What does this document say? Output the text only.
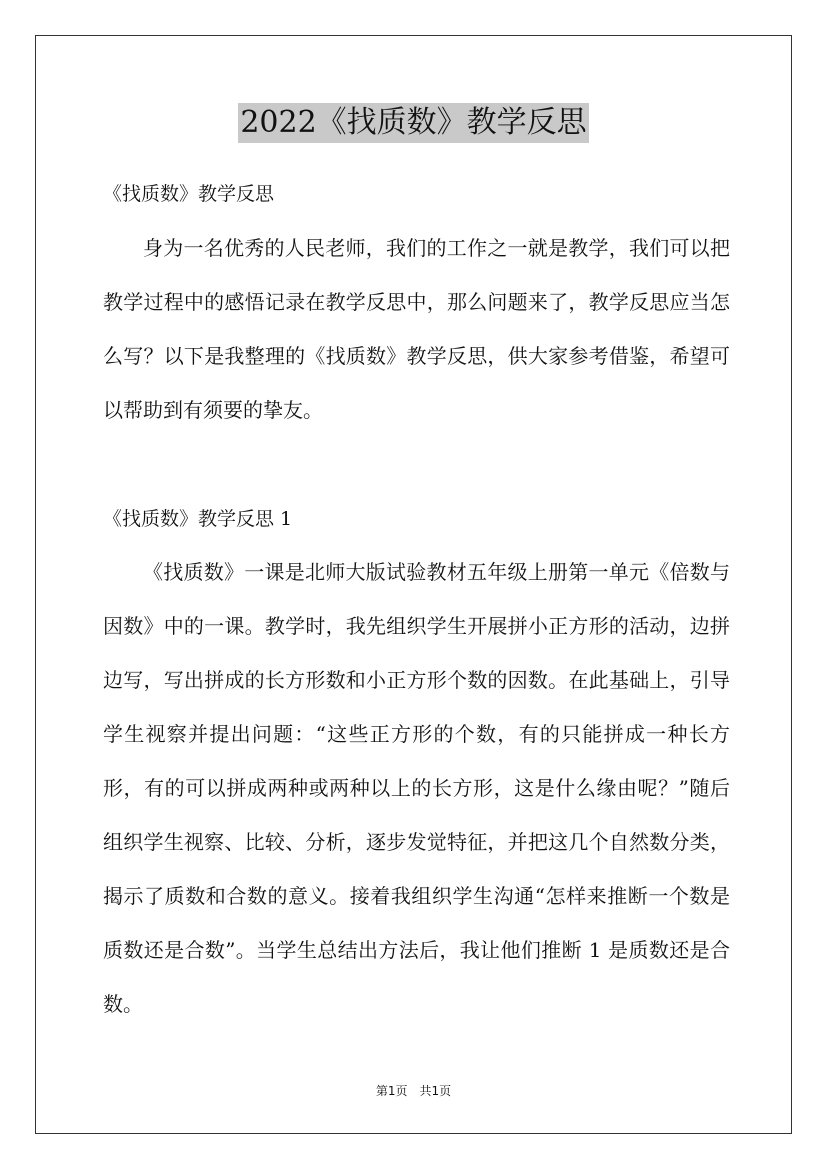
2022《找质数》教学反思
《找质数》教学反思

身为一名优秀的人民老师，我们的工作之一就是教学，我们可以把教学过程中的感悟记录在教学反思中，那么问题来了，教学反思应当怎么写？以下是我整理的《找质数》教学反思，供大家参考借鉴，希望可以帮助到有须要的挚友。

《找质数》教学反思 1

《找质数》一课是北师大版试验教材五年级上册第一单元《倍数与因数》中的一课。教学时，我先组织学生开展拼小正方形的活动，边拼边写，写出拼成的长方形数和小正方形个数的因数。在此基础上，引导学生视察并提出问题：“这些正方形的个数，有的只能拼成一种长方形，有的可以拼成两种或两种以上的长方形，这是什么缘由呢？”随后组织学生视察、比较、分析，逐步发觉特征，并把这几个自然数分类，揭示了质数和合数的意义。接着我组织学生沟通“怎样来推断一个数是质数还是合数”。当学生总结出方法后，我让他们推断 1 是质数还是合数。

第1页　共1页
